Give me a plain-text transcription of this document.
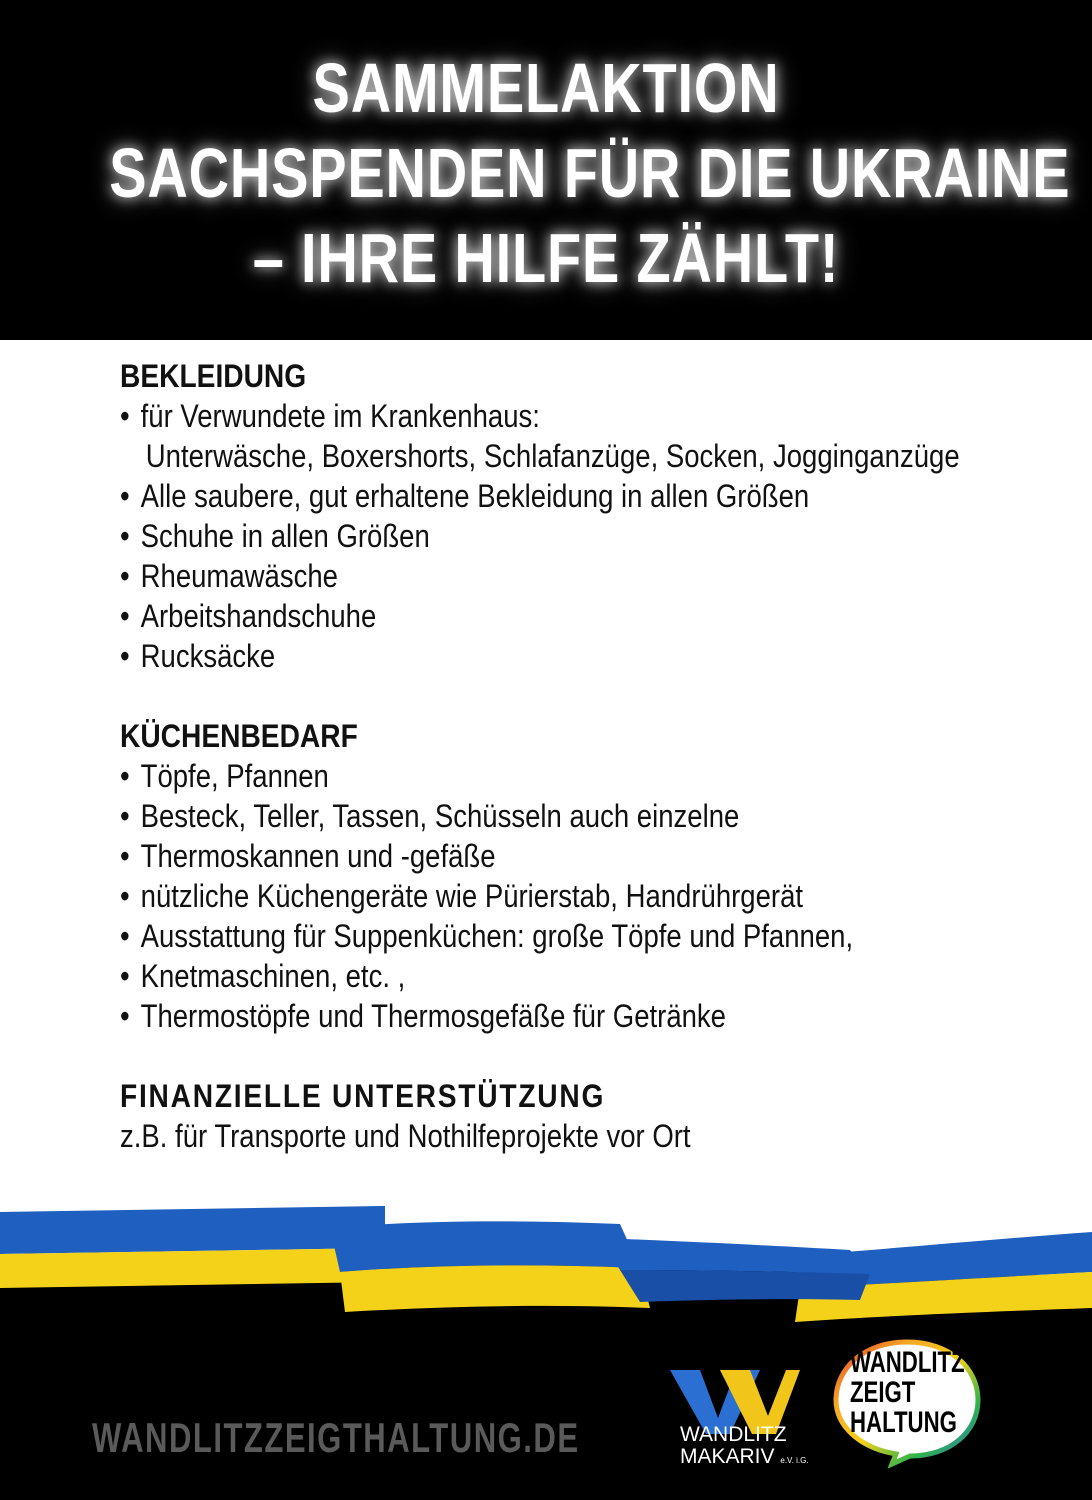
SAMMELAKTION
SACHSPENDEN FÜR DIE UKRAINE
– IHRE HILFE ZÄHLT!
BEKLEIDUNG
• für Verwundete im Krankenhaus:
Unterwäsche, Boxershorts, Schlafanzüge, Socken, Jogginganzüge
• Alle saubere, gut erhaltene Bekleidung in allen Größen
• Schuhe in allen Größen
• Rheumawäsche
• Arbeitshandschuhe
• Rucksäcke
KÜCHENBEDARF
• Töpfe, Pfannen
• Besteck, Teller, Tassen, Schüsseln auch einzelne
• Thermoskannen und -gefäße
• nützliche Küchengeräte wie Pürierstab, Handrührgerät
• Ausstattung für Suppenküchen: große Töpfe und Pfannen,
• Knetmaschinen, etc. ,
• Thermostöpfe und Thermosgefäße für Getränke
FINANZIELLE UNTERSTÜTZUNG
z.B. für Transporte und Nothilfeprojekte vor Ort
WANDLITZZEIGTHALTUNG.DE	WANDLITZ
MAKARIV e.V. i.G.
WANDLITZ
ZEIGT
HALTUNG
